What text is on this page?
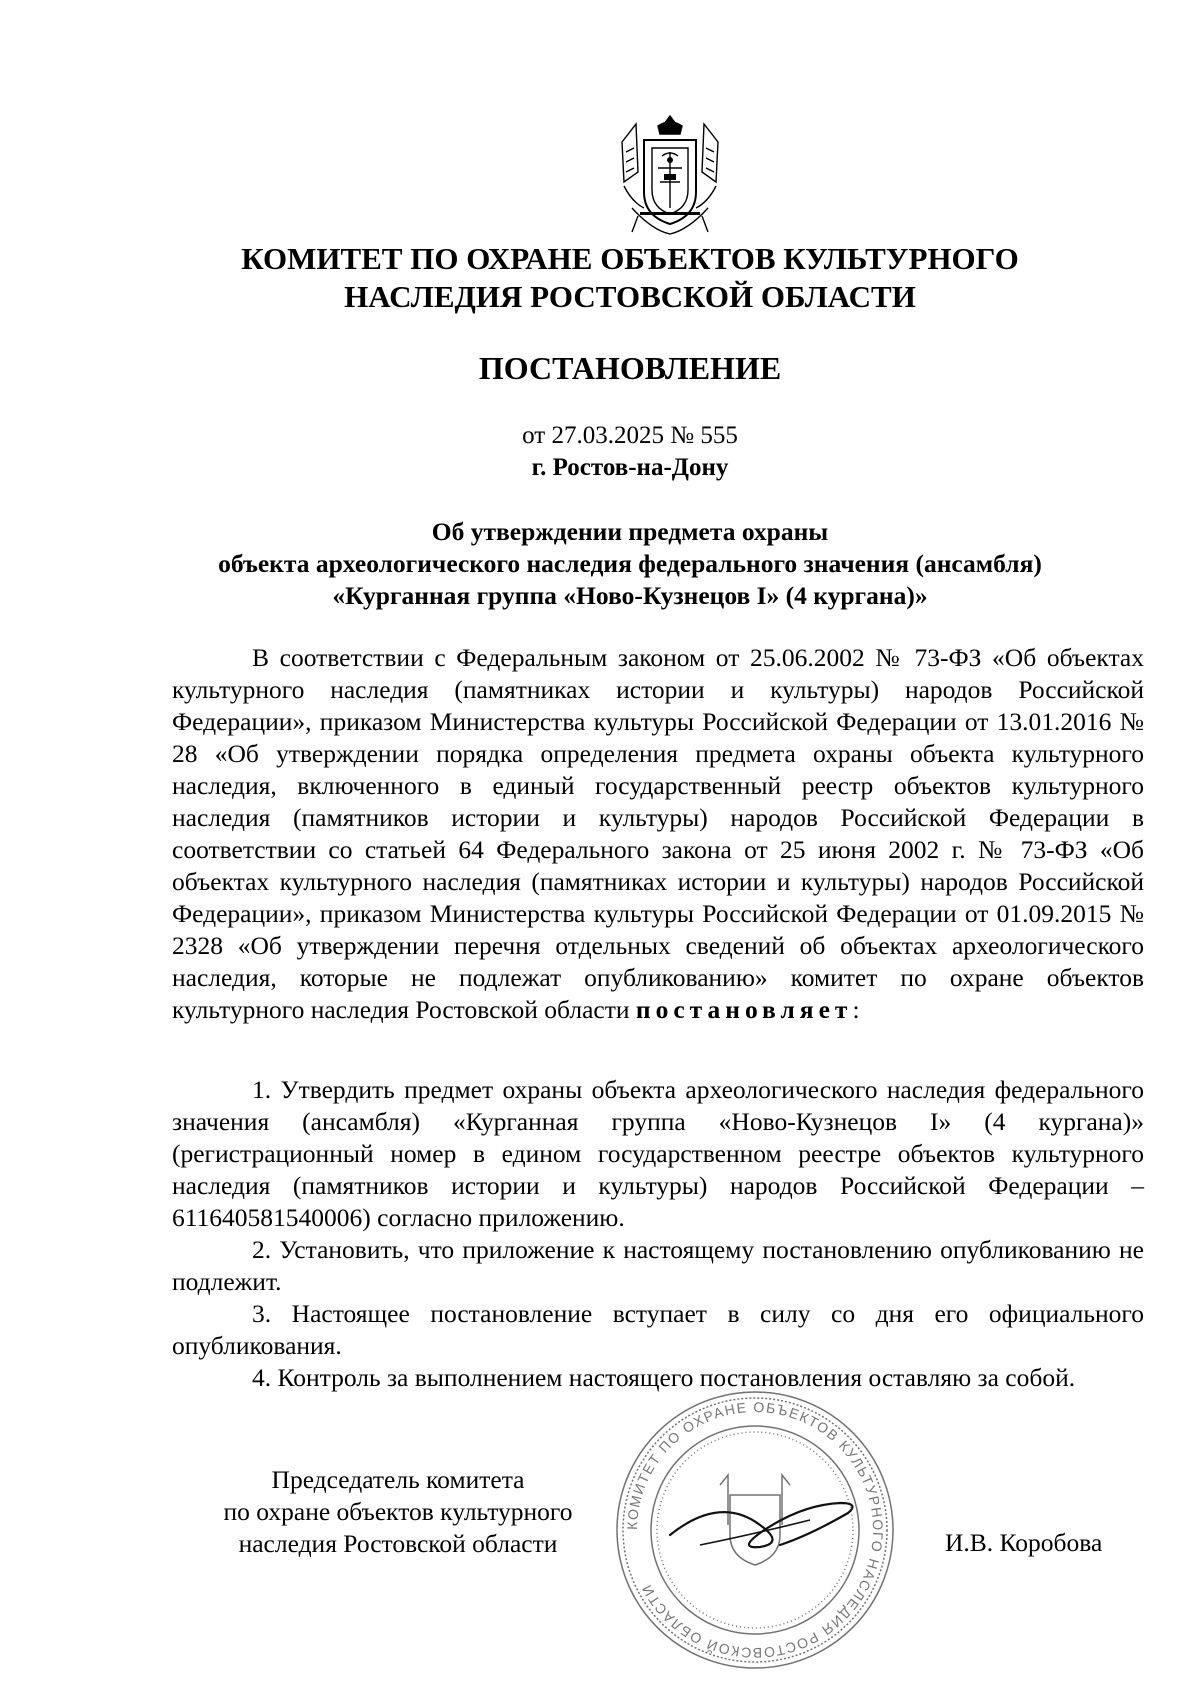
КОМИТЕТ ПО ОХРАНЕ ОБЪЕКТОВ КУЛЬТУРНОГО
НАСЛЕДИЯ РОСТОВСКОЙ ОБЛАСТИ
ПОСТАНОВЛЕНИЕ
от 27.03.2025 № 555
г. Ростов-на-Дону
Об утверждении предмета охраны
объекта археологического наследия федерального значения (ансамбля)
«Курганная группа «Ново-Кузнецов I» (4 кургана)»

В соответствии с Федеральным законом от 25.06.2002 № 73-ФЗ «Об объектах культурного наследия (памятниках истории и культуры) народов Российской Федерации», приказом Министерства культуры Российской Федерации от 13.01.2016 № 28 «Об утверждении порядка определения предмета охраны объекта культурного наследия, включенного в единый государственный реестр объектов культурного наследия (памятников истории и культуры) народов Российской Федерации в соответствии со статьей 64 Федерального закона от 25 июня 2002 г. № 73-ФЗ «Об объектах культурного наследия (памятниках истории и культуры) народов Российской Федерации», приказом Министерства культуры Российской Федерации от 01.09.2015 № 2328 «Об утверждении перечня отдельных сведений об объектах археологического наследия, которые не подлежат опубликованию» комитет по охране объектов культурного наследия Ростовской области постановляет:

1. Утвердить предмет охраны объекта археологического наследия федерального значения (ансамбля) «Курганная группа «Ново-Кузнецов I» (4 кургана)» (регистрационный номер в едином государственном реестре объектов культурного наследия (памятников истории и культуры) народов Российской Федерации – 611640581540006) согласно приложению.

2. Установить, что приложение к настоящему постановлению опубликованию не подлежит.

3. Настоящее постановление вступает в силу со дня его официального опубликования.

4. Контроль за выполнением настоящего постановления оставляю за собой.

Председатель комитета
по охране объектов культурного
наследия Ростовской области
КОМИТЕТ ПО ОХРАНЕ ОБЪЕКТОВ КУЛЬТУРНОГО НАСЛЕДИЯ РОСТОВСКОЙ ОБЛАСТИ
И.В. Коробова
